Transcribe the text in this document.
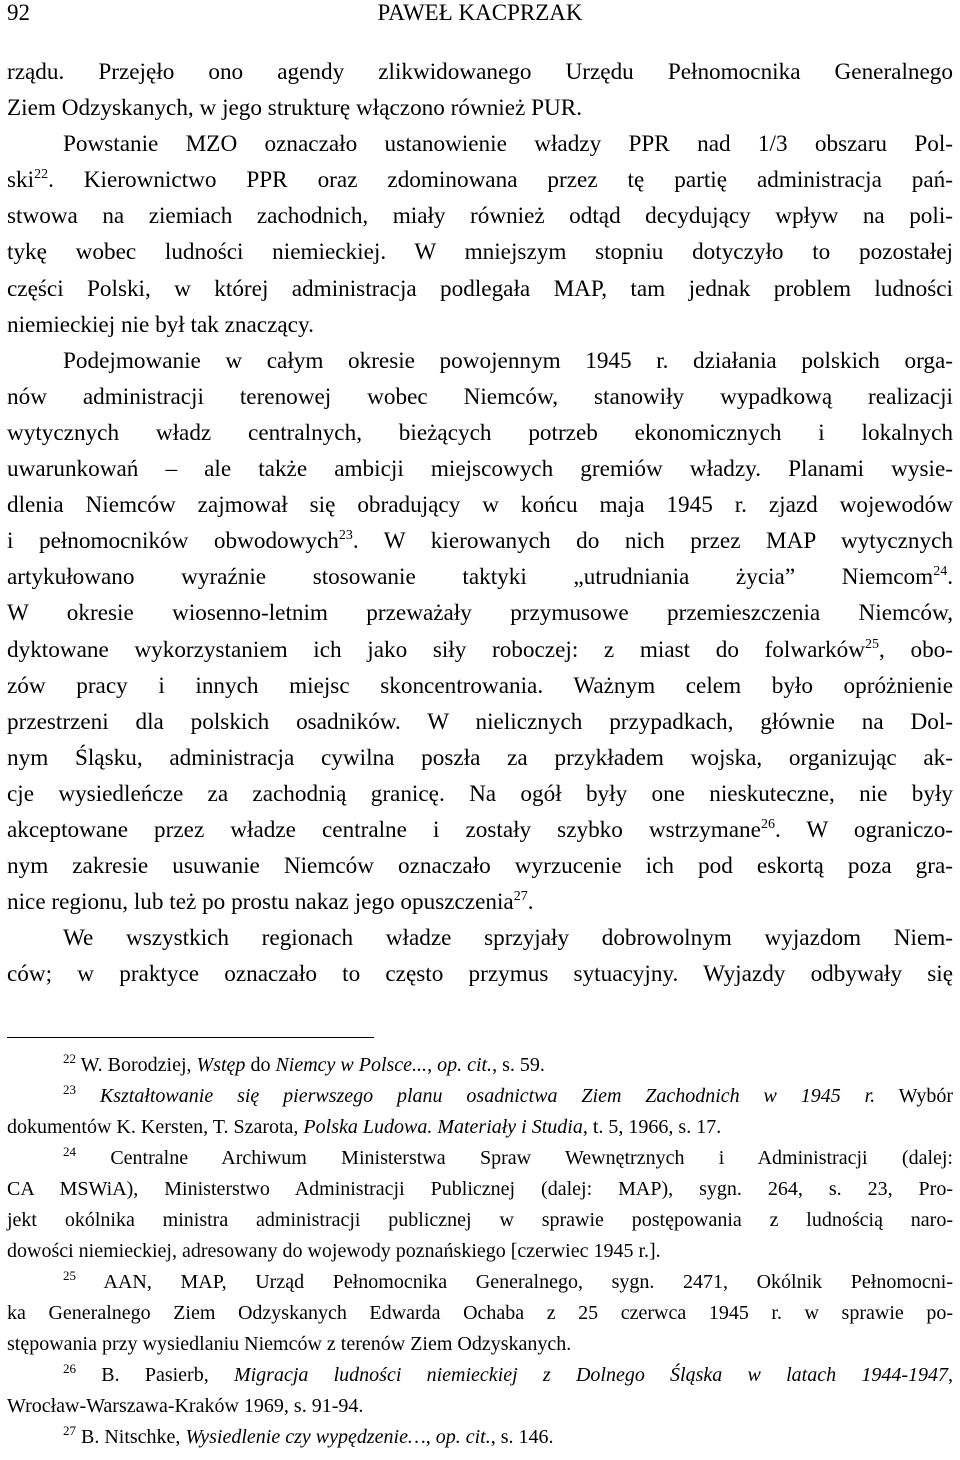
92	PAWEŁ KACPRZAK

rządu. Przejęło ono agendy zlikwidowanego Urzędu Pełnomocnika Generalnego
Ziem Odzyskanych, w jego strukturę włączono również PUR.

Powstanie MZO oznaczało ustanowienie władzy PPR nad 1/3 obszaru Pol-
ski$^{22}$. Kierownictwo PPR oraz zdominowana przez tę partię administracja pań-
stwowa na ziemiach zachodnich, miały również odtąd decydujący wpływ na poli-
tykę wobec ludności niemieckiej. W mniejszym stopniu dotyczyło to pozostałej
części Polski, w której administracja podlegała MAP, tam jednak problem ludności
niemieckiej nie był tak znaczący.

Podejmowanie w całym okresie powojennym 1945 r. działania polskich orga-
nów administracji terenowej wobec Niemców, stanowiły wypadkową realizacji
wytycznych władz centralnych, bieżących potrzeb ekonomicznych i lokalnych
uwarunkowań – ale także ambicji miejscowych gremiów władzy. Planami wysie-
dlenia Niemców zajmował się obradujący w końcu maja 1945 r. zjazd wojewodów
i pełnomocników obwodowych$^{23}$. W kierowanych do nich przez MAP wytycznych
artykułowano wyraźnie stosowanie taktyki „utrudniania życia” Niemcom$^{24}$.
W okresie wiosenno-letnim przeważały przymusowe przemieszczenia Niemców,
dyktowane wykorzystaniem ich jako siły roboczej: z miast do folwarków$^{25}$, obo-
zów pracy i innych miejsc skoncentrowania. Ważnym celem było opróżnienie
przestrzeni dla polskich osadników. W nielicznych przypadkach, głównie na Dol-
nym Śląsku, administracja cywilna poszła za przykładem wojska, organizując ak-
cje wysiedleńcze za zachodnią granicę. Na ogół były one nieskuteczne, nie były
akceptowane przez władze centralne i zostały szybko wstrzymane$^{26}$. W ograniczo-
nym zakresie usuwanie Niemców oznaczało wyrzucenie ich pod eskortą poza gra-
nice regionu, lub też po prostu nakaz jego opuszczenia$^{27}$.

We wszystkich regionach władze sprzyjały dobrowolnym wyjazdom Niem-
ców; w praktyce oznaczało to często przymus sytuacyjny. Wyjazdy odbywały się

$^{22}$ W. Borodziej, Wstęp do Niemcy w Polsce..., op. cit., s. 59.
$^{23}$ Kształtowanie się pierwszego planu osadnictwa Ziem Zachodnich w 1945 r. Wybór
dokumentów K. Kersten, T. Szarota, Polska Ludowa. Materiały i Studia, t. 5, 1966, s. 17.
$^{24}$ Centralne Archiwum Ministerstwa Spraw Wewnętrznych i Administracji (dalej:
CA MSWiA), Ministerstwo Administracji Publicznej (dalej: MAP), sygn. 264, s. 23, Pro-
jekt okólnika ministra administracji publicznej w sprawie postępowania z ludnością naro-
dowości niemieckiej, adresowany do wojewody poznańskiego [czerwiec 1945 r.].
$^{25}$ AAN, MAP, Urząd Pełnomocnika Generalnego, sygn. 2471, Okólnik Pełnomocni-
ka Generalnego Ziem Odzyskanych Edwarda Ochaba z 25 czerwca 1945 r. w sprawie po-
stępowania przy wysiedlaniu Niemców z terenów Ziem Odzyskanych.
$^{26}$ B. Pasierb, Migracja ludności niemieckiej z Dolnego Śląska w latach 1944-1947,
Wrocław-Warszawa-Kraków 1969, s. 91-94.
$^{27}$ B. Nitschke, Wysiedlenie czy wypędzenie…, op. cit., s. 146.
